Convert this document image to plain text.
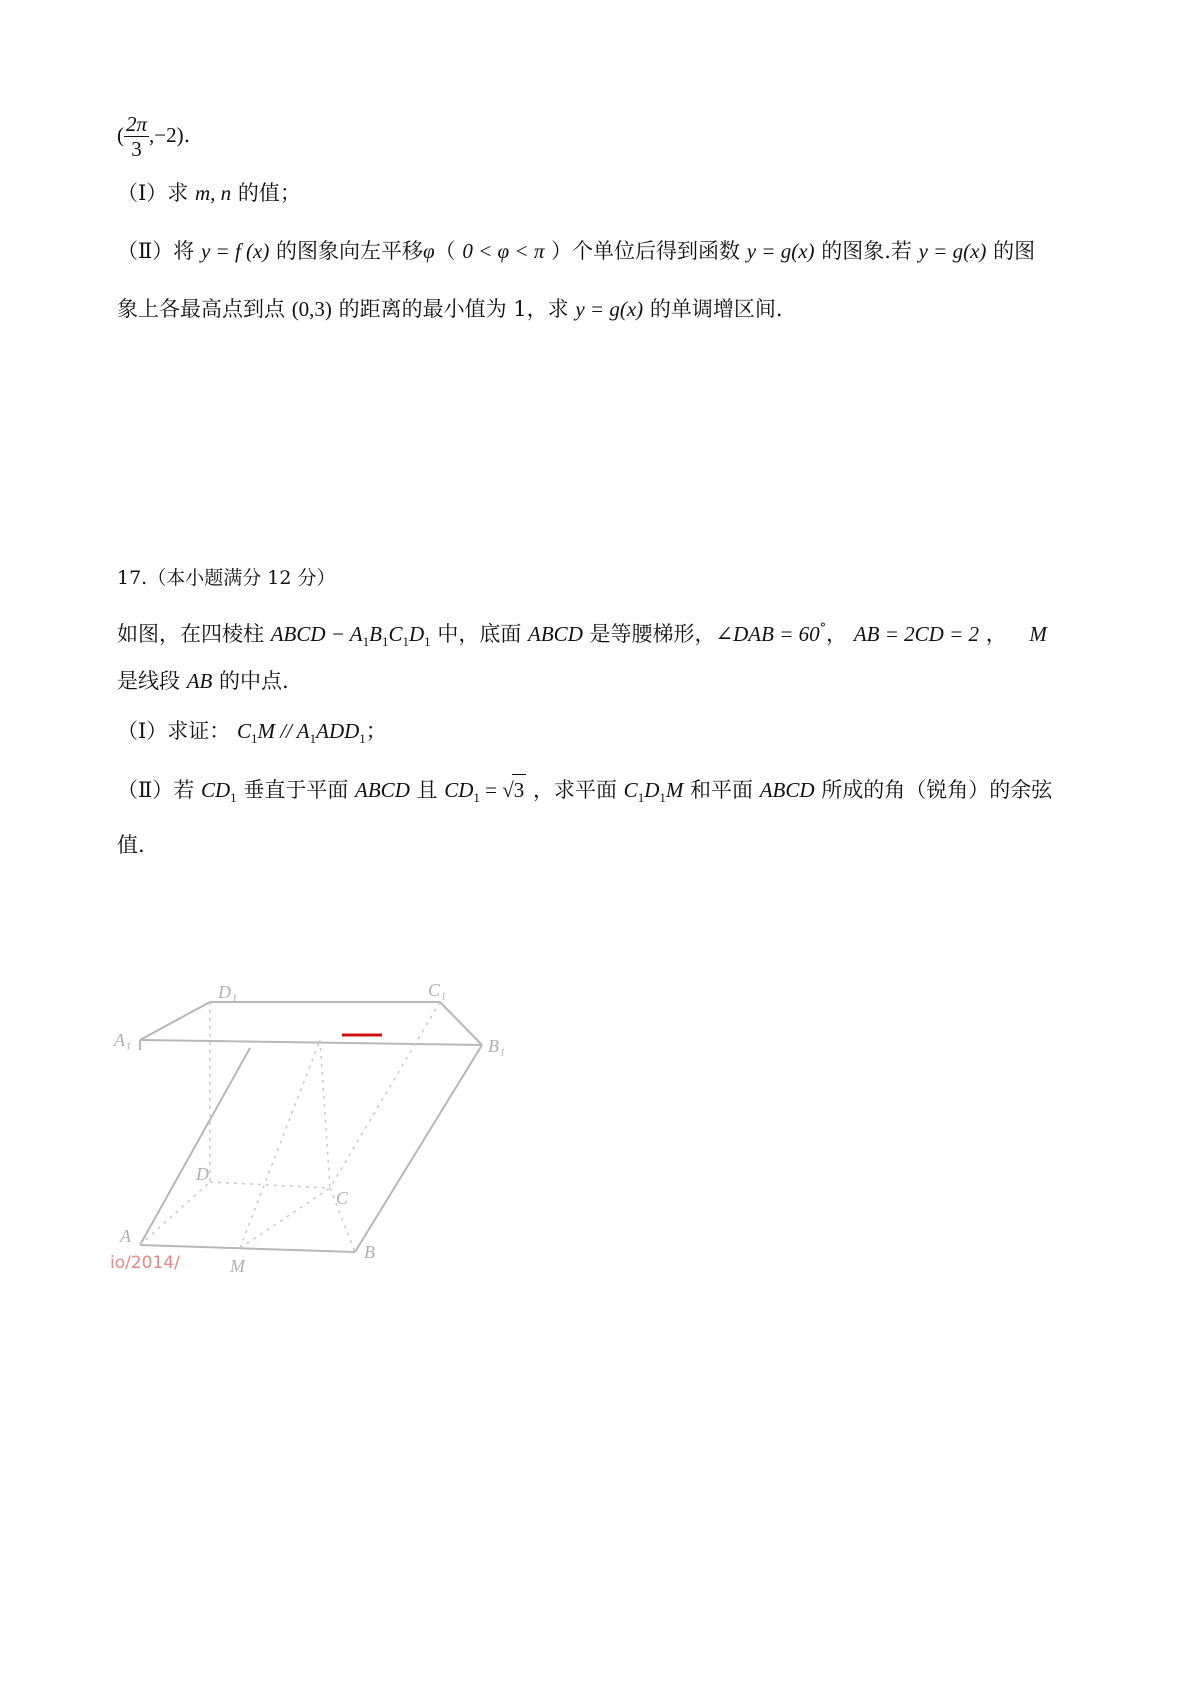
( $\frac{2\pi}{3} ,-2$).
（Ⅰ）求 m, n 的值；
（Ⅱ）将 y = f (x) 的图象向左平移φ（ 0 < φ < π ）个单位后得到函数 y = g(x) 的图象.若 y = g(x) 的图
象上各最高点到点 (0,3) 的距离的最小值为 1，求 y = g(x) 的单调增区间.
17.（本小题满分 12 分）
如图，在四棱柱 ABCD − $A_1B_1C_1D_1$ 中，底面 ABCD 是等腰梯形，∠DAB = 60°， AB = 2CD = 2 ， M
是线段 AB 的中点.
（Ⅰ）求证： $C_1M // A_1ADD_1$；
（Ⅱ）若 $CD_1$ 垂直于平面 ABCD 且 $CD_1 = √3$ ，求平面 $C_1D_1M$ 和平面 ABCD 所成的角（锐角）的余弦
值.
D₁	C₁
A₁	B₁
D
C
A
B
M
io/2014/
